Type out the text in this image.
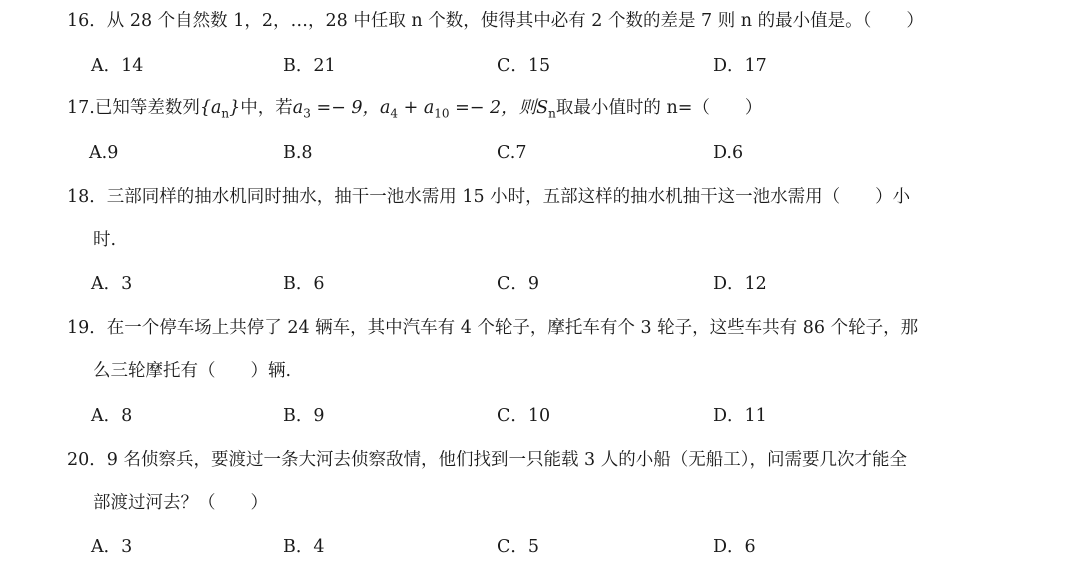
16．从 28 个自然数 1，2，…，28 中任取 n 个数，使得其中必有 2 个数的差是 7 则 n 的最小值是。（　　）
A．14	B．21	C．15	D．17
17.已知等差数列$\{a_n\}$中，若$a_3 =- 9$，$a_4 + a_{10} =- 2$，则$S_n$取最小值时的 n=（　　）
A.9	B.8	C.7	D.6
18．三部同样的抽水机同时抽水，抽干一池水需用 15 小时，五部这样的抽水机抽干这一池水需用（　　）小
时.
A．3	B．6	C．9	D．12
19．在一个停车场上共停了 24 辆车，其中汽车有 4 个轮子，摩托车有个 3 轮子，这些车共有 86 个轮子，那
么三轮摩托有（　　）辆.
A．8	B．9	C．10	D．11
20．9 名侦察兵，要渡过一条大河去侦察敌情，他们找到一只能载 3 人的小船（无船工），问需要几次才能全
部渡过河去？（　　）
A．3	B．4	C．5	D．6
